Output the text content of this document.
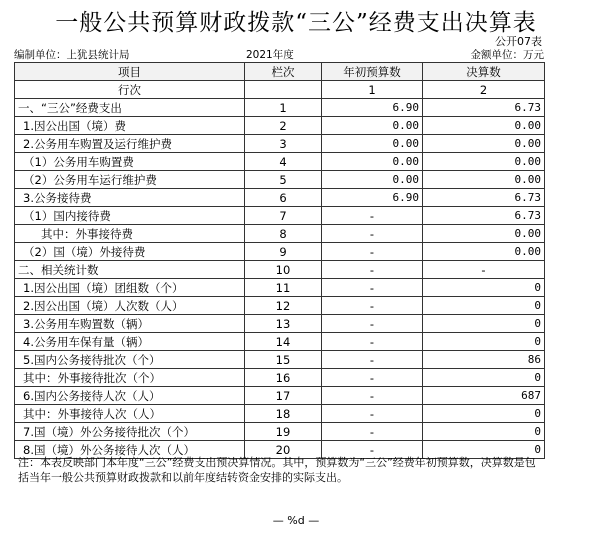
一般公共预算财政拨款“三公”经费支出决算表
公开07表
编制单位：上犹县统计局	2021年度	金额单位：万元
项目	栏次	年初预算数	决算数
行次		1	2
一、“三公”经费支出	1	6.90	6.73
1.因公出国（境）费	2	0.00	0.00
2.公务用车购置及运行维护费	3	0.00	0.00
（1）公务用车购置费	4	0.00	0.00
（2）公务用车运行维护费	5	0.00	0.00
3.公务接待费	6	6.90	6.73
（1）国内接待费	7	-	6.73
其中：外事接待费	8	-	0.00
（2）国（境）外接待费	9	-	0.00
二、相关统计数	10	-	-
1.因公出国（境）团组数（个）	11	-	0
2.因公出国（境）人次数（人）	12	-	0
3.公务用车购置数（辆）	13	-	0
4.公务用车保有量（辆）	14	-	0
5.国内公务接待批次（个）	15	-	86
其中：外事接待批次（个）	16	-	0
6.国内公务接待人次（人）	17	-	687
其中：外事接待人次（人）	18	-	0
7.国（境）外公务接待批次（个）	19	-	0
8.国（境）外公务接待人次（人）	20	-	0
注：本表反映部门本年度“三公”经费支出预决算情况。其中，预算数为“三公”经费年初预算数，决算数是包括当年一般公共预算财政拨款和以前年度结转资金安排的实际支出。
— %d —
